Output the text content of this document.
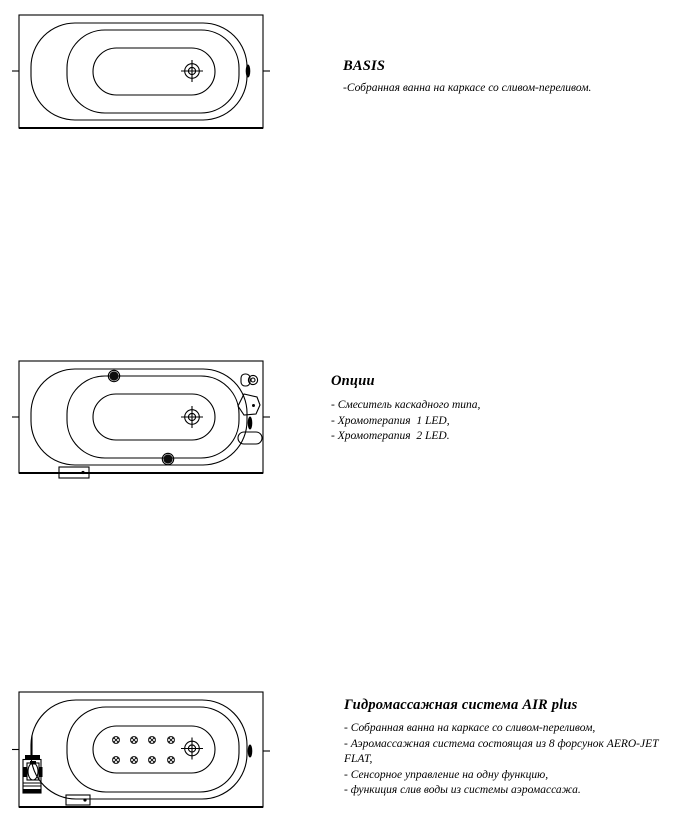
BASIS

-Собранная ванна на каркасе со сливом-переливом.

Опции

- Смеситель каскадного типа,

- Хромотерапия  1 LED,

- Хромотерапия  2 LED.

Гидромассажная система AIR plus

- Собранная ванна на каркасе со сливом-переливом,

- Аэромассажная система состоящая из 8 форсунок AERO-JET FLAT,

- Сенсорное управление на одну функцию,

- функиция слив воды из системы аэромассажа.
